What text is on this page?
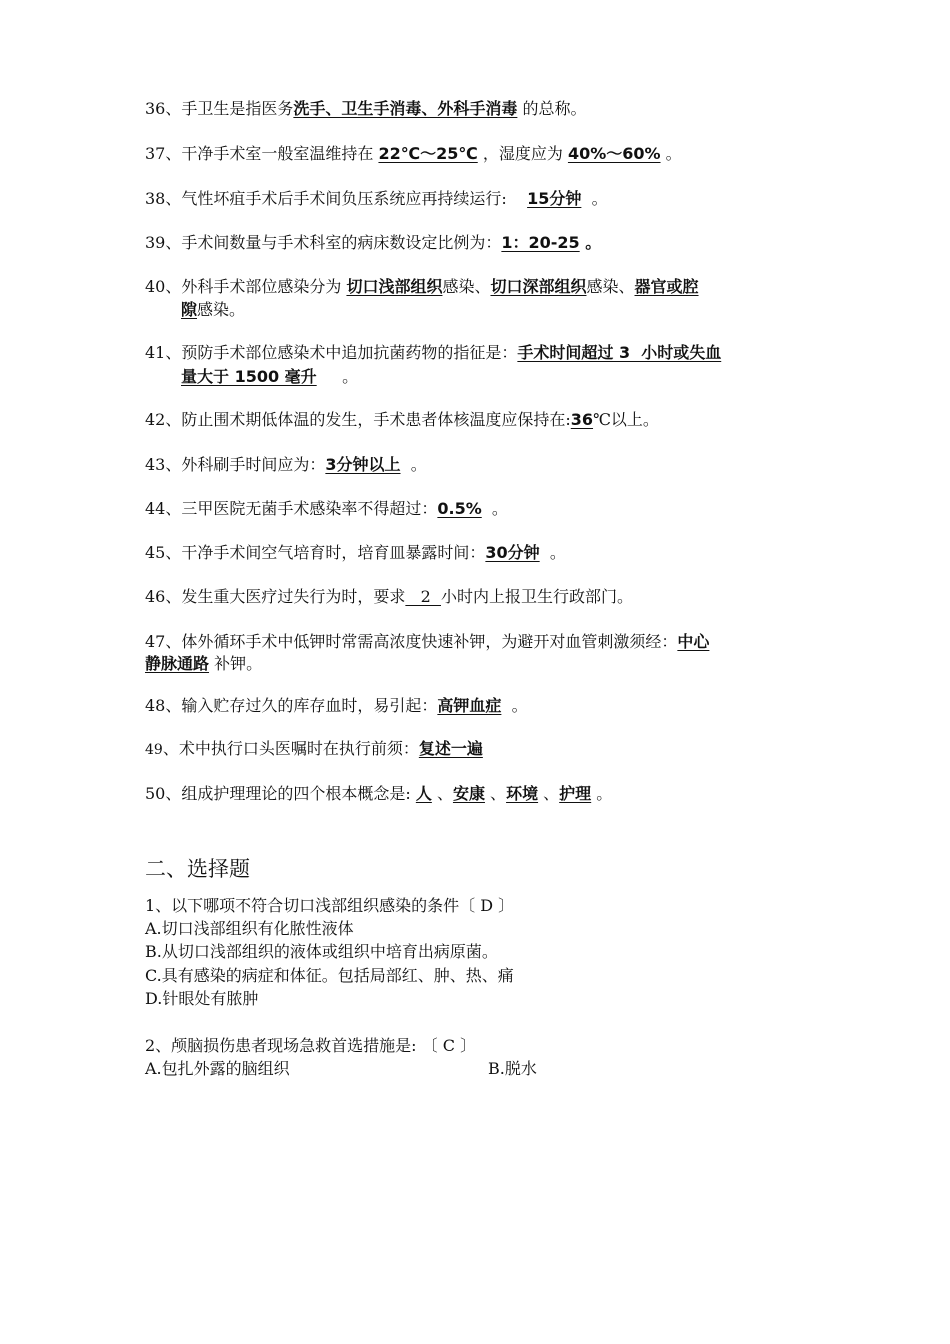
36、手卫生是指医务洗手、卫生手消毒、外科手消毒 的总称。
37、干净手术室一般室温维持在 22℃～25℃ ，湿度应为 40%～60% 。
38、气性坏疽手术后手术间负压系统应再持续运行:    15分钟  。
39、手术间数量与手术科室的病床数设定比例为：1：20-25 。
40、外科手术部位感染分为 切口浅部组织感染、切口深部组织感染、器官或腔
隙感染。
41、预防手术部位感染术中追加抗菌药物的指征是：手术时间超过 3  小时或失血
量大于 1500 毫升     。
42、防止围术期低体温的发生，手术患者体核温度应保持在:36℃以上。
43、外科刷手时间应为：3分钟以上  。
44、三甲医院无菌手术感染率不得超过：0.5%  。
45、干净手术间空气培育时，培育皿暴露时间：30分钟  。
46、发生重大医疗过失行为时，要求   2  小时内上报卫生行政部门。
47、体外循环手术中低钾时常需高浓度快速补钾，为避开对血管刺激须经：中心
静脉通路 补钾。
48、输入贮存过久的库存血时，易引起：高钾血症  。
49、术中执行口头医嘱时在执行前须：复述一遍
50、组成护理理论的四个根本概念是: 人 、安康 、环境 、护理 。
二、选择题
1、以下哪项不符合切口浅部组织感染的条件〔 D 〕
A.切口浅部组织有化脓性液体
B.从切口浅部组织的液体或组织中培育出病原菌。
C.具有感染的病症和体征。包括局部红、肿、热、痛
D.针眼处有脓肿
2、颅脑损伤患者现场急救首选措施是: 〔 C 〕
A.包扎外露的脑组织	B.脱水
